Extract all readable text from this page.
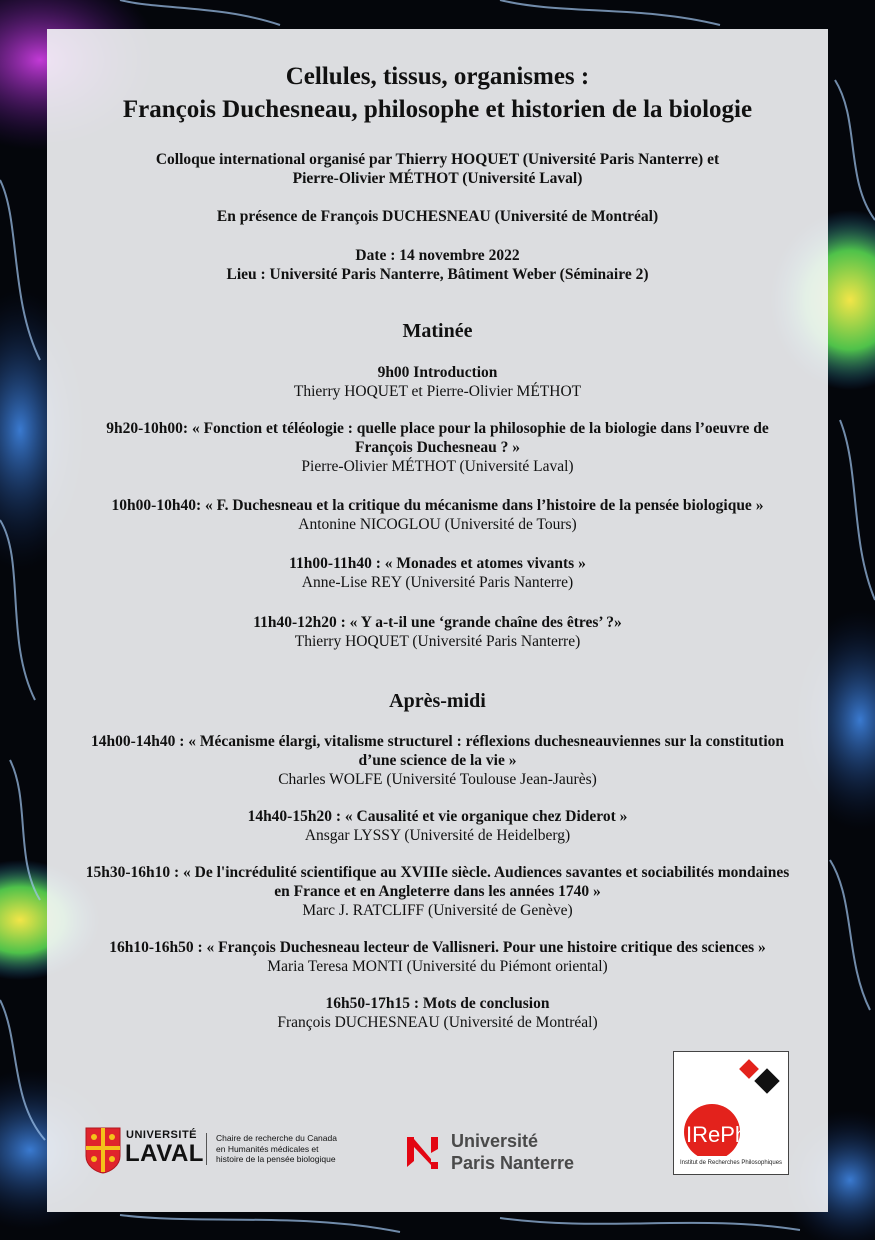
Cellules, tissus, organismes :
François Duchesneau, philosophe et historien de la biologie
Colloque international organisé par Thierry HOQUET (Université Paris Nanterre) et
Pierre-Olivier MÉTHOT (Université Laval)
En présence de François DUCHESNEAU (Université de Montréal)
Date : 14 novembre 2022
Lieu : Université Paris Nanterre, Bâtiment Weber (Séminaire 2)
Matinée
9h00 Introduction
Thierry HOQUET et Pierre-Olivier MÉTHOT
9h20-10h00: « Fonction et téléologie : quelle place pour la philosophie de la biologie dans l’oeuvre de
François Duchesneau ? »
Pierre-Olivier MÉTHOT (Université Laval)
10h00-10h40: « F. Duchesneau et la critique du mécanisme dans l’histoire de la pensée biologique »
Antonine NICOGLOU (Université de Tours)
11h00-11h40 : « Monades et atomes vivants »
Anne-Lise REY (Université Paris Nanterre)
11h40-12h20 : « Y a-t-il une ‘grande chaîne des êtres’ ?»
Thierry HOQUET (Université Paris Nanterre)
Après-midi
14h00-14h40 : « Mécanisme élargi, vitalisme structurel : réflexions duchesneauviennes sur la constitution
d’une science de la vie »
Charles WOLFE (Université Toulouse Jean-Jaurès)
14h40-15h20 : « Causalité et vie organique chez Diderot »
Ansgar LYSSY (Université de Heidelberg)
15h30-16h10 : « De l'incrédulité scientifique au XVIIIe siècle. Audiences savantes et sociabilités mondaines
en France et en Angleterre dans les années 1740 »
Marc J. RATCLIFF (Université de Genève)
16h10-16h50 : « François Duchesneau lecteur de Vallisneri. Pour une histoire critique des sciences »
Maria Teresa MONTI (Université du Piémont oriental)
16h50-17h15 : Mots de conclusion
François DUCHESNEAU (Université de Montréal)
UNIVERSITÉ
LAVAL
Chaire de recherche du Canada
en Humanités médicales et
histoire de la pensée biologique
Université
Paris Nanterre
IRePh
Institut de Recherches Philosophiques
